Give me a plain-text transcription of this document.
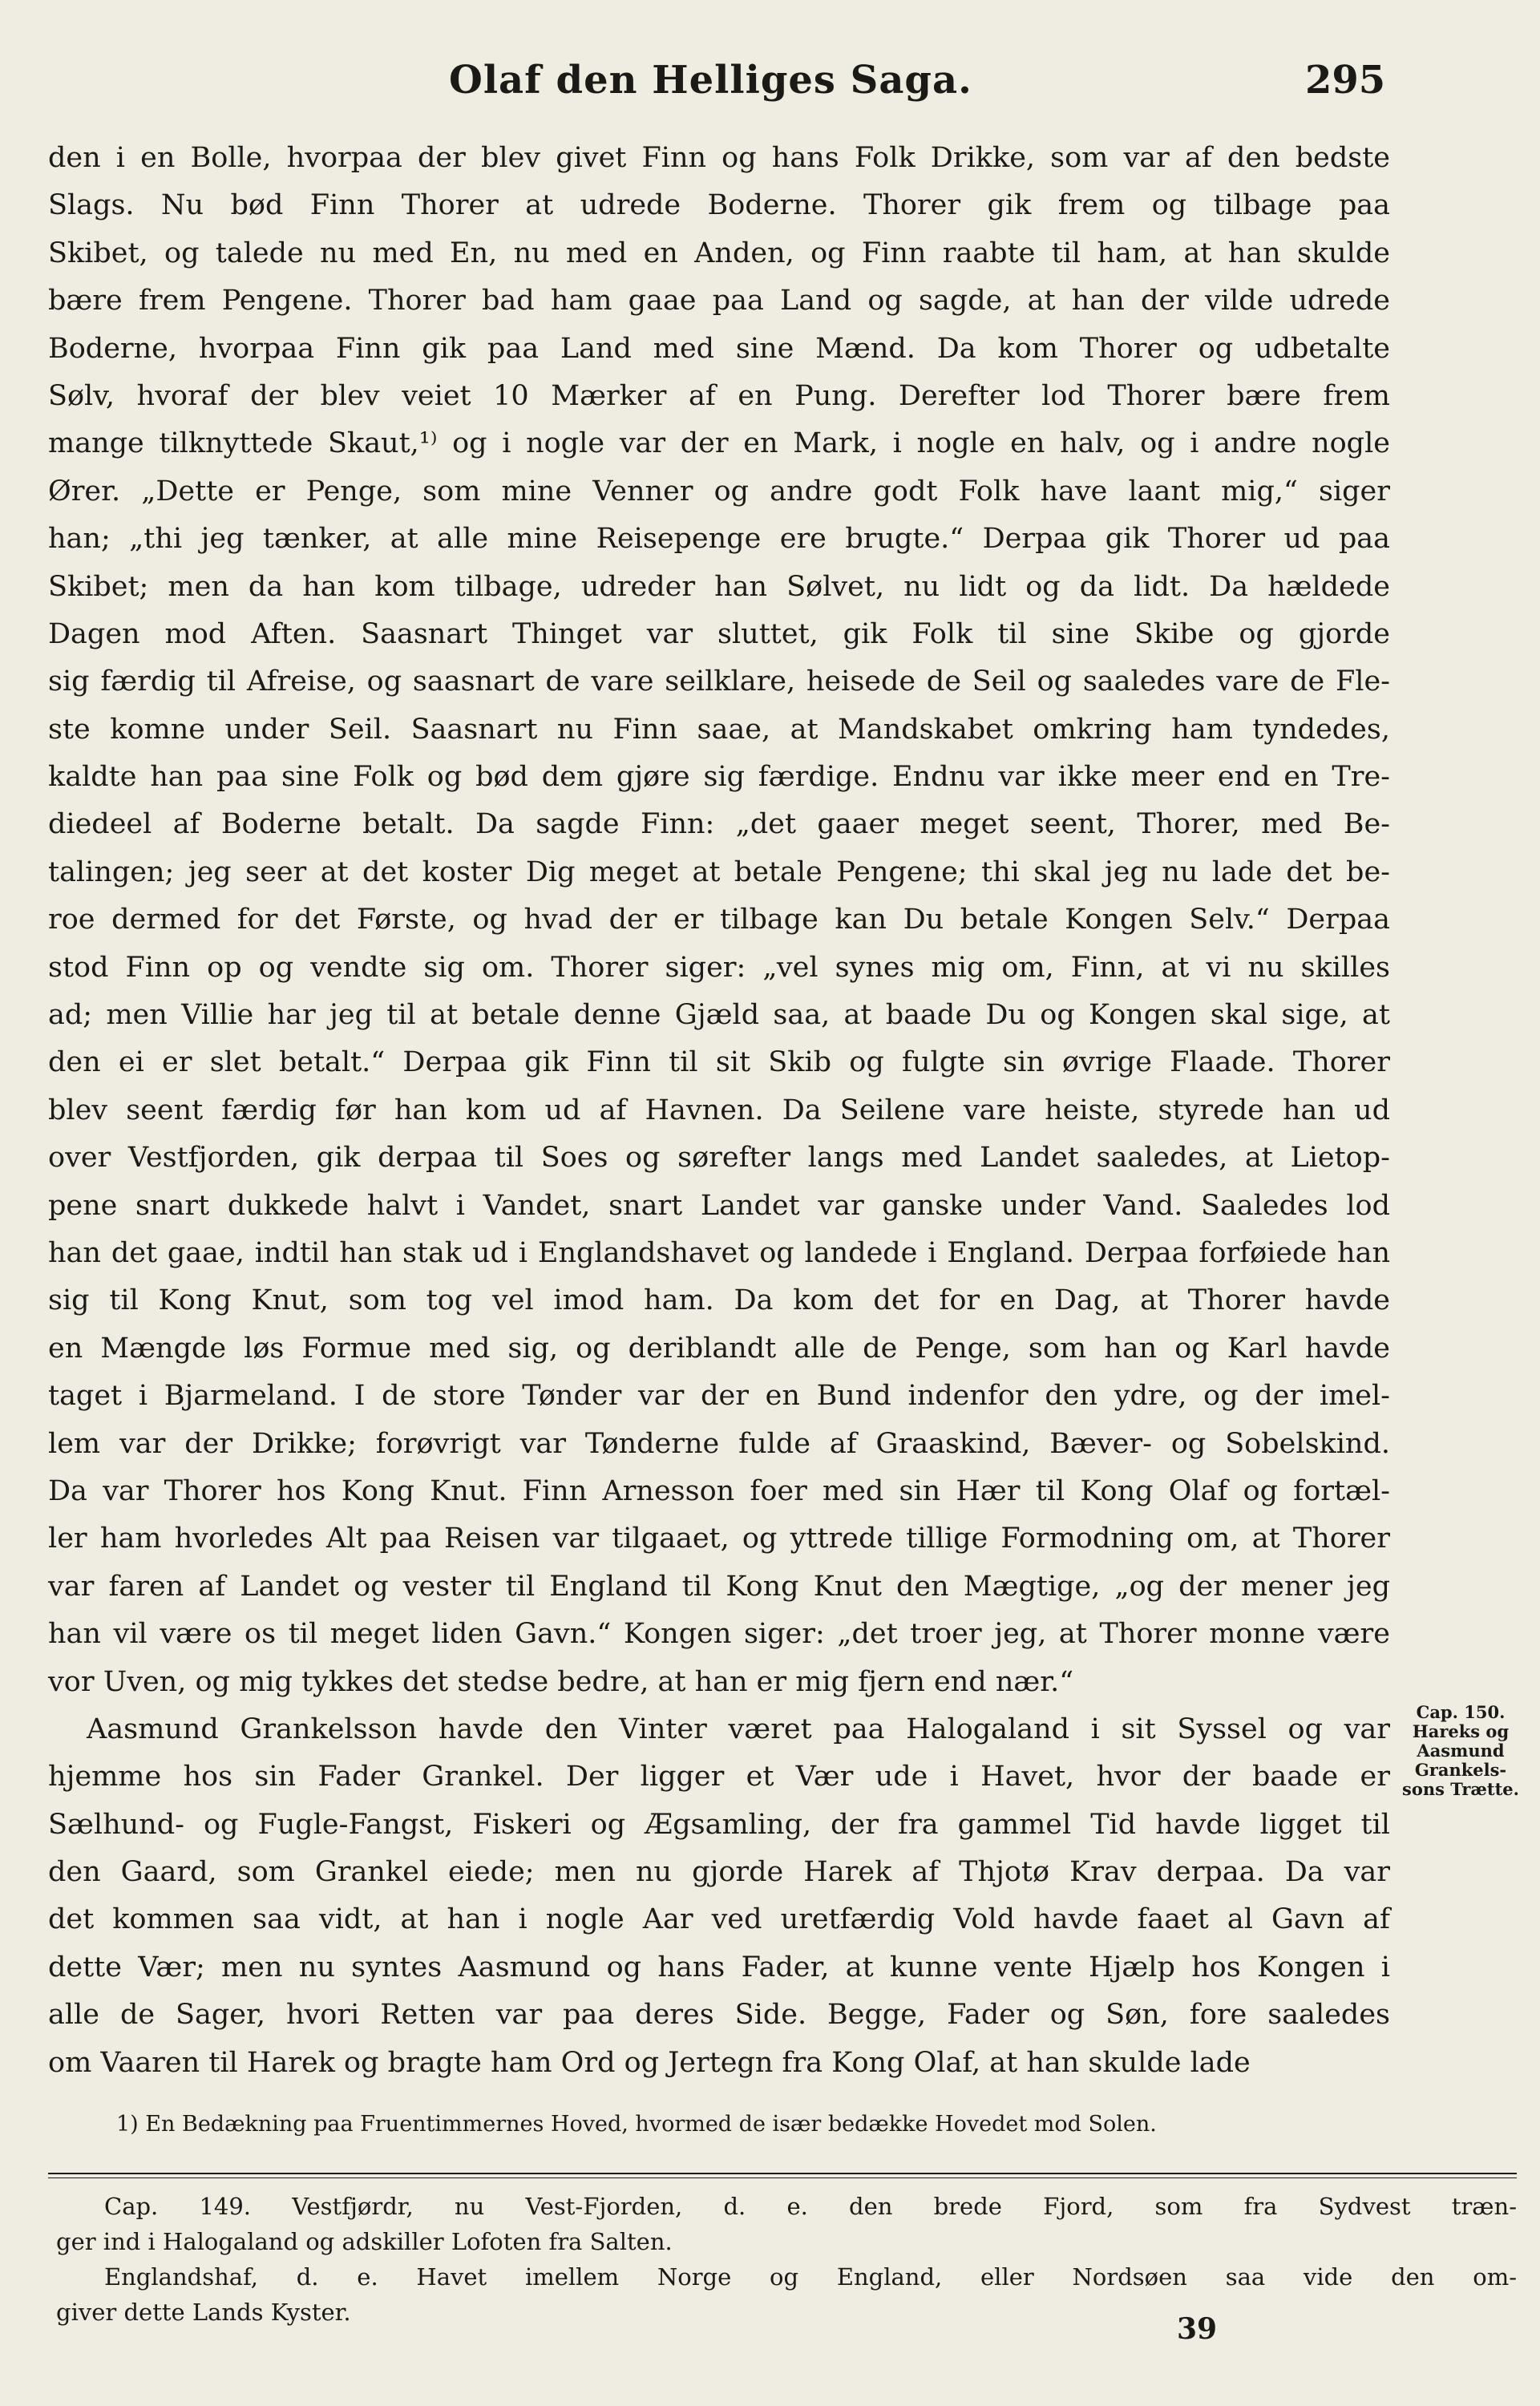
Olaf den Helliges Saga.	295
den i en Bolle, hvorpaa der blev givet Finn og hans Folk Drikke, som var af den bedste
Slags. Nu bød Finn Thorer at udrede Boderne. Thorer gik frem og tilbage paa
Skibet, og talede nu med En, nu med en Anden, og Finn raabte til ham, at han skulde
bære frem Pengene. Thorer bad ham gaae paa Land og sagde, at han der vilde udrede
Boderne, hvorpaa Finn gik paa Land med sine Mænd. Da kom Thorer og udbetalte
Sølv, hvoraf der blev veiet 10 Mærker af en Pung. Derefter lod Thorer bære frem
mange tilknyttede Skaut,¹⁾ og i nogle var der en Mark, i nogle en halv, og i andre nogle
Ører. „Dette er Penge, som mine Venner og andre godt Folk have laant mig,“ siger
han; „thi jeg tænker, at alle mine Reisepenge ere brugte.“ Derpaa gik Thorer ud paa
Skibet; men da han kom tilbage, udreder han Sølvet, nu lidt og da lidt. Da hældede
Dagen mod Aften. Saasnart Thinget var sluttet, gik Folk til sine Skibe og gjorde
sig færdig til Afreise, og saasnart de vare seilklare, heisede de Seil og saaledes vare de Fle-
ste komne under Seil. Saasnart nu Finn saae, at Mandskabet omkring ham tyndedes,
kaldte han paa sine Folk og bød dem gjøre sig færdige. Endnu var ikke meer end en Tre-
diedeel af Boderne betalt. Da sagde Finn: „det gaaer meget seent, Thorer, med Be-
talingen; jeg seer at det koster Dig meget at betale Pengene; thi skal jeg nu lade det be-
roe dermed for det Første, og hvad der er tilbage kan Du betale Kongen Selv.“ Derpaa
stod Finn op og vendte sig om. Thorer siger: „vel synes mig om, Finn, at vi nu skilles
ad; men Villie har jeg til at betale denne Gjæld saa, at baade Du og Kongen skal sige, at
den ei er slet betalt.“ Derpaa gik Finn til sit Skib og fulgte sin øvrige Flaade. Thorer
blev seent færdig før han kom ud af Havnen. Da Seilene vare heiste, styrede han ud
over Vestfjorden, gik derpaa til Soes og sørefter langs med Landet saaledes, at Lietop-
pene snart dukkede halvt i Vandet, snart Landet var ganske under Vand. Saaledes lod
han det gaae, indtil han stak ud i Englandshavet og landede i England. Derpaa forføiede han
sig til Kong Knut, som tog vel imod ham. Da kom det for en Dag, at Thorer havde
en Mængde løs Formue med sig, og deriblandt alle de Penge, som han og Karl havde
taget i Bjarmeland. I de store Tønder var der en Bund indenfor den ydre, og der imel-
lem var der Drikke; forøvrigt var Tønderne fulde af Graaskind, Bæver- og Sobelskind.
Da var Thorer hos Kong Knut. Finn Arnesson foer med sin Hær til Kong Olaf og fortæl-
ler ham hvorledes Alt paa Reisen var tilgaaet, og yttrede tillige Formodning om, at Thorer
var faren af Landet og vester til England til Kong Knut den Mægtige, „og der mener jeg
han vil være os til meget liden Gavn.“ Kongen siger: „det troer jeg, at Thorer monne være
vor Uven, og mig tykkes det stedse bedre, at han er mig fjern end nær.“
Aasmund Grankelsson havde den Vinter været paa Halogaland i sit Syssel og var
hjemme hos sin Fader Grankel. Der ligger et Vær ude i Havet, hvor der baade er
Sælhund- og Fugle-Fangst, Fiskeri og Ægsamling, der fra gammel Tid havde ligget til
den Gaard, som Grankel eiede; men nu gjorde Harek af Thjotø Krav derpaa. Da var
det kommen saa vidt, at han i nogle Aar ved uretfærdig Vold havde faaet al Gavn af
dette Vær; men nu syntes Aasmund og hans Fader, at kunne vente Hjælp hos Kongen i
alle de Sager, hvori Retten var paa deres Side. Begge, Fader og Søn, fore saaledes
om Vaaren til Harek og bragte ham Ord og Jertegn fra Kong Olaf, at han skulde lade
Cap. 150.
Hareks og
Aasmund
Grankels-
sons Trætte.
1) En Bedækning paa Fruentimmernes Hoved, hvormed de især bedække Hovedet mod Solen.
Cap. 149. Vestfjørdr, nu Vest-Fjorden, d. e. den brede Fjord, som fra Sydvest træn-
ger ind i Halogaland og adskiller Lofoten fra Salten.
Englandshaf, d. e. Havet imellem Norge og England, eller Nordsøen saa vide den om-
giver dette Lands Kyster.	39
